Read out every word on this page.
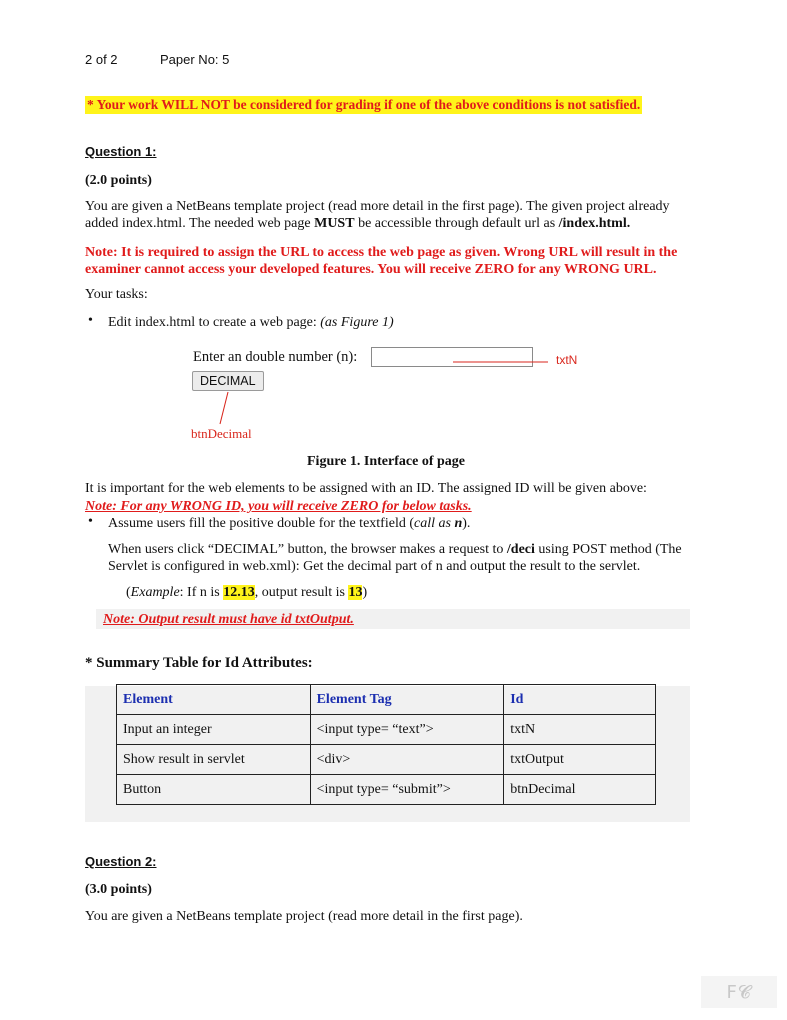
2 of 2	Paper No: 5
* Your work WILL NOT be considered for grading if one of the above conditions is not satisfied.
Question 1:
(2.0 points)
You are given a NetBeans template project (read more detail in the first page). The given project already
added index.html. The needed web page MUST be accessible through default url as /index.html.
Note: It is required to assign the URL to access the web page as given. Wrong URL will result in the
examiner cannot access your developed features. You will receive ZERO for any WRONG URL.
Your tasks:
• Edit index.html to create a web page: (as Figure 1)
Enter an double number (n):
DECIMAL
txtN
btnDecimal
Figure 1. Interface of page
It is important for the web elements to be assigned with an ID. The assigned ID will be given above:
Note: For any WRONG ID, you will receive ZERO for below tasks.
• Assume users fill the positive double for the textfield (call as n).
When users click “DECIMAL” button, the browser makes a request to /deci using POST method (The
Servlet is configured in web.xml): Get the decimal part of n and output the result to the servlet.
(Example: If n is 12.13, output result is 13)
Note: Output result must have id txtOutput.
* Summary Table for Id Attributes:
Element	Element Tag	Id
Input an integer	<input type= “text”>	txtN
Show result in servlet	<div>	txtOutput
Button	<input type= “submit”>	btnDecimal
Question 2:
(3.0 points)
You are given a NetBeans template project (read more detail in the first page).
F𝓒
